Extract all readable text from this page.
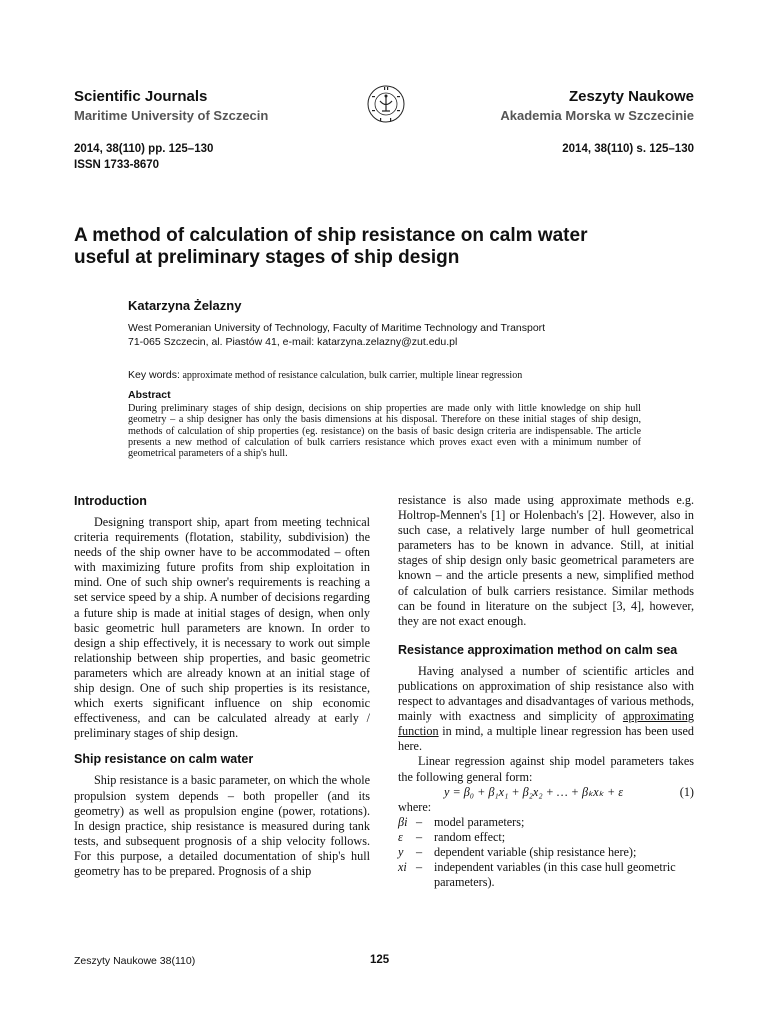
Scientific Journals
Maritime University of Szczecin
Zeszyty Naukowe
Akademia Morska w Szczecinie
2014, 38(110) pp. 125–130
ISSN 1733-8670
2014, 38(110) s. 125–130
A method of calculation of ship resistance on calm water
useful at preliminary stages of ship design
Katarzyna Żelazny
West Pomeranian University of Technology, Faculty of Maritime Technology and Transport
71-065 Szczecin, al. Piastów 41, e-mail: katarzyna.zelazny@zut.edu.pl
Key words: approximate method of resistance calculation, bulk carrier, multiple linear regression
Abstract
During preliminary stages of ship design, decisions on ship properties are made only with little knowledge on ship hull geometry – a ship designer has only the basis dimensions at his disposal. Therefore on these initial stages of ship design, methods of calculation of ship properties (eg. resistance) on the basis of basic design criteria are indispensable. The article presents a new method of calculation of bulk carriers resistance which proves exact even with a minimum number of geometrical parameters of a ship's hull.
Introduction

Designing transport ship, apart from meeting technical criteria requirements (flotation, stability, subdivision) the needs of the ship owner have to be accommodated – often with maximizing future profits from ship exploitation in mind. One of such ship owner's requirements is reaching a set service speed by a ship. A number of decisions regarding a future ship is made at initial stages of design, when only basic geometric hull parameters are known. In order to design a ship effectively, it is necessary to work out simple relationship between ship properties, and basic geometric parameters which are already known at an initial stage of ship design. One of such ship properties is its resistance, which exerts significant influence on ship economic effectiveness, and can be calculated already at early / preliminary stages of ship design.

Ship resistance on calm water

Ship resistance is a basic parameter, on which the whole propulsion system depends – both propeller (and its geometry) as well as propulsion engine (power, rotations). In design practice, ship resistance is measured during tank tests, and subsequent prognosis of a ship velocity follows. For this purpose, a detailed documentation of ship's hull geometry has to be prepared. Prognosis of a ship

resistance is also made using approximate methods e.g. Holtrop-Mennen's [1] or Holenbach's [2]. However, also in such case, a relatively large number of hull geometrical parameters has to be known in advance. Still, at initial stages of ship design only basic geometrical parameters are known – and the article presents a new, simplified method of calculation of bulk carriers resistance. Similar methods can be found in literature on the subject [3, 4], however, they are not exact enough.

Resistance approximation method on calm sea

Having analysed a number of scientific articles and publications on approximation of ship resistance also with respect to advantages and disadvantages of various methods, mainly with exactness and simplicity of approximating function in mind, a multiple linear regression has been used here.

Linear regression against ship model parameters takes the following general form:

y = β₀ + β₁x₁ + β₂x₂ + … + βₖxₖ + ε	(1)
where:
βi – model parameters;
ε	– random effect;
y	– dependent variable (ship resistance here);
xi – independent variables (in this case hull geometric parameters).
Zeszyty Naukowe 38(110)	125
